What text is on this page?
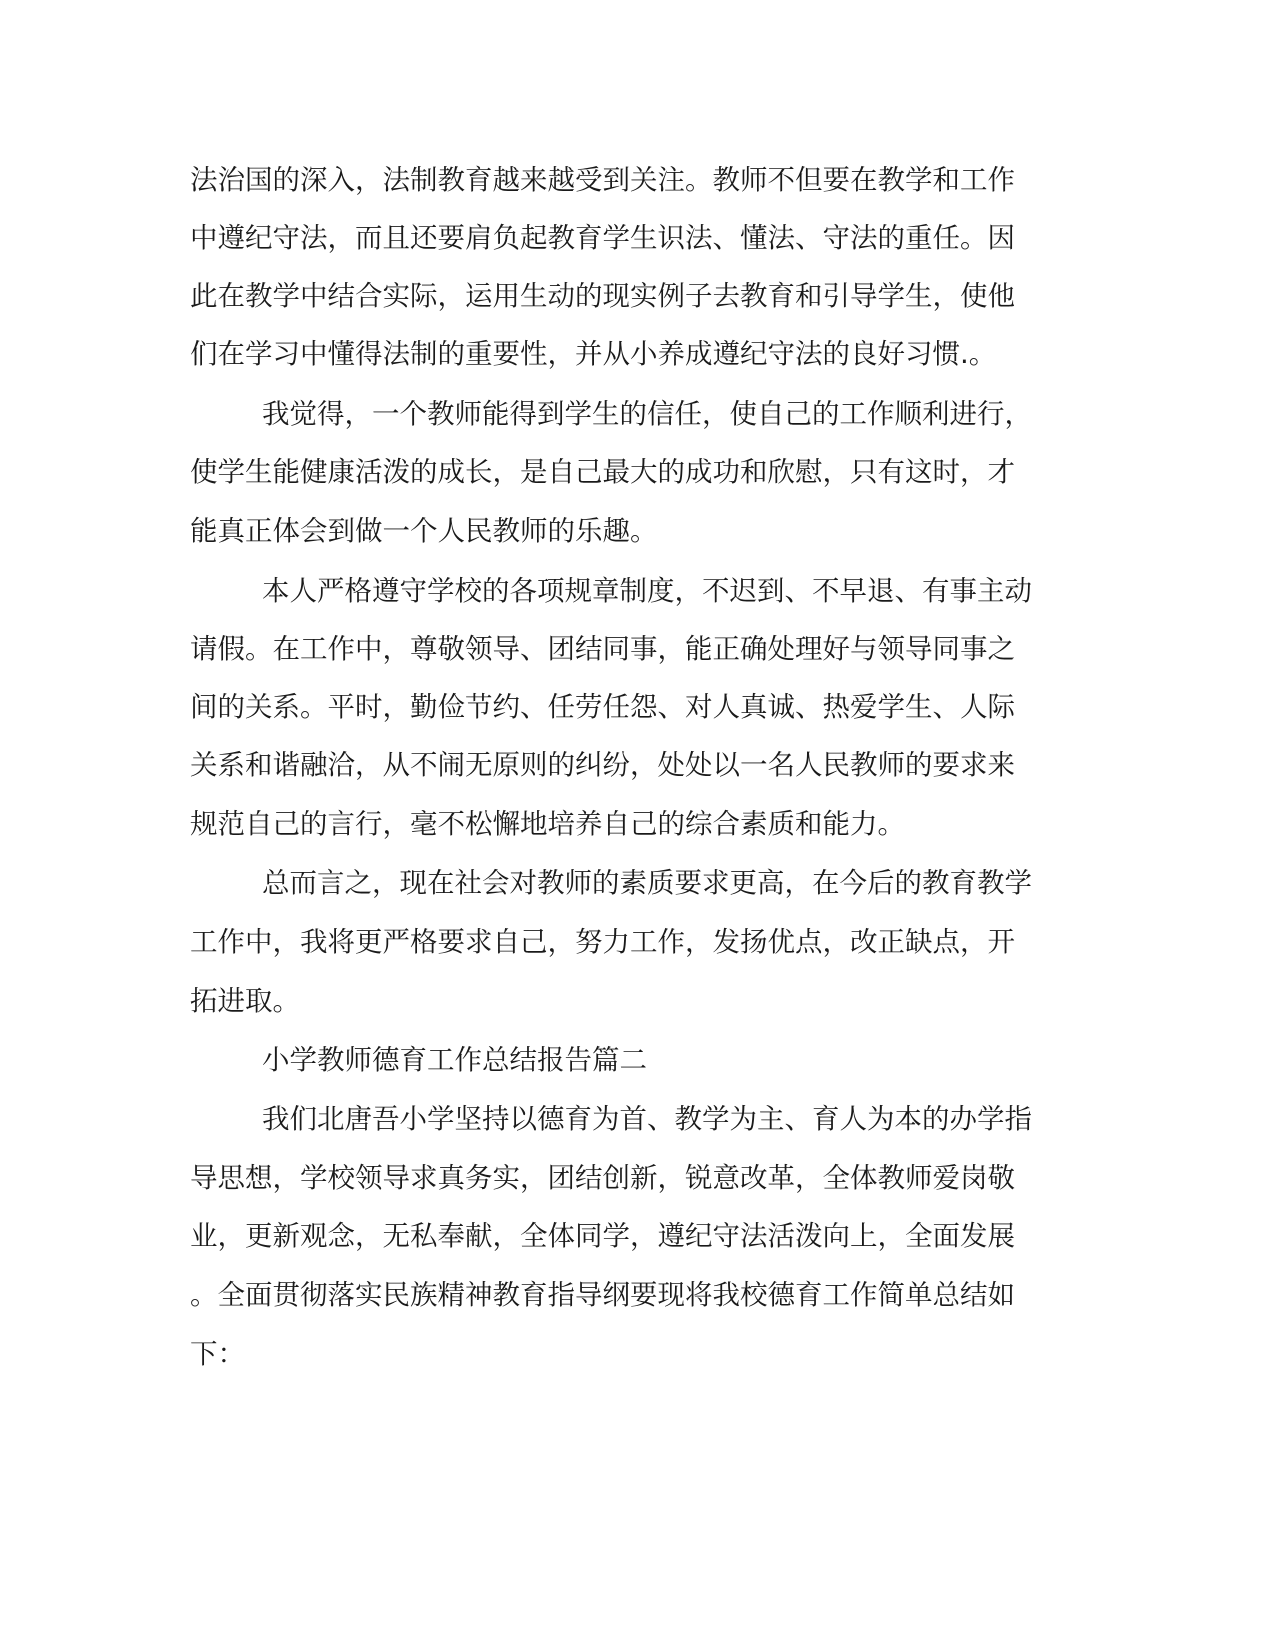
法治国的深入，法制教育越来越受到关注。教师不但要在教学和工作
中遵纪守法，而且还要肩负起教育学生识法、懂法、守法的重任。因
此在教学中结合实际，运用生动的现实例子去教育和引导学生，使他
们在学习中懂得法制的重要性，并从小养成遵纪守法的良好习惯.。
我觉得，一个教师能得到学生的信任，使自己的工作顺利进行，
使学生能健康活泼的成长，是自己最大的成功和欣慰，只有这时，才
能真正体会到做一个人民教师的乐趣。
本人严格遵守学校的各项规章制度，不迟到、不早退、有事主动
请假。在工作中，尊敬领导、团结同事，能正确处理好与领导同事之
间的关系。平时，勤俭节约、任劳任怨、对人真诚、热爱学生、人际
关系和谐融洽，从不闹无原则的纠纷，处处以一名人民教师的要求来
规范自己的言行，毫不松懈地培养自己的综合素质和能力。
总而言之，现在社会对教师的素质要求更高，在今后的教育教学
工作中，我将更严格要求自己，努力工作，发扬优点，改正缺点，开
拓进取。
小学教师德育工作总结报告篇二
我们北唐吾小学坚持以德育为首、教学为主、育人为本的办学指
导思想，学校领导求真务实，团结创新，锐意改革，全体教师爱岗敬
业，更新观念，无私奉献，全体同学，遵纪守法活泼向上，全面发展
。全面贯彻落实民族精神教育指导纲要现将我校德育工作简单总结如
下：
